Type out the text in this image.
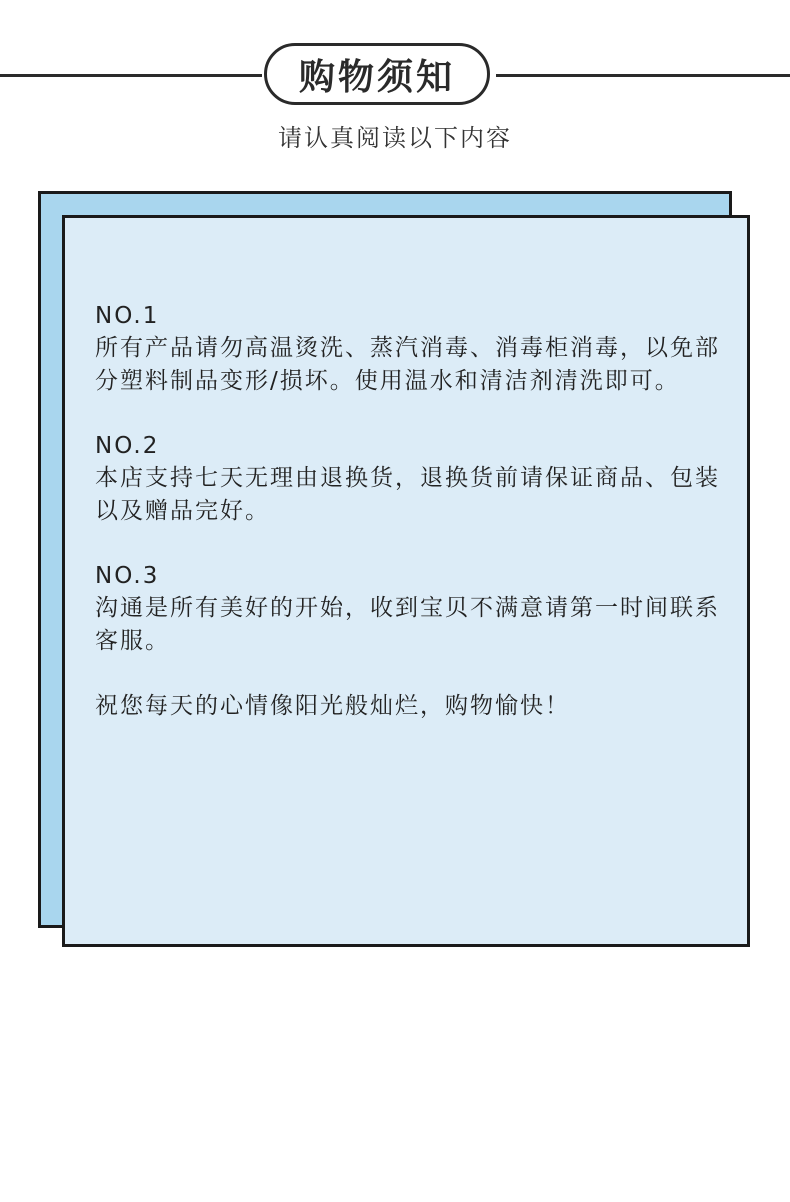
购物须知
请认真阅读以下内容
NO.1
所有产品请勿高温烫洗、蒸汽消毒、消毒柜消毒，以免部分塑料制品变形/损坏。使用温水和清洁剂清洗即可。
NO.2
本店支持七天无理由退换货，退换货前请保证商品、包装以及赠品完好。
NO.3
沟通是所有美好的开始，收到宝贝不满意请第一时间联系客服。
祝您每天的心情像阳光般灿烂，购物愉快！
